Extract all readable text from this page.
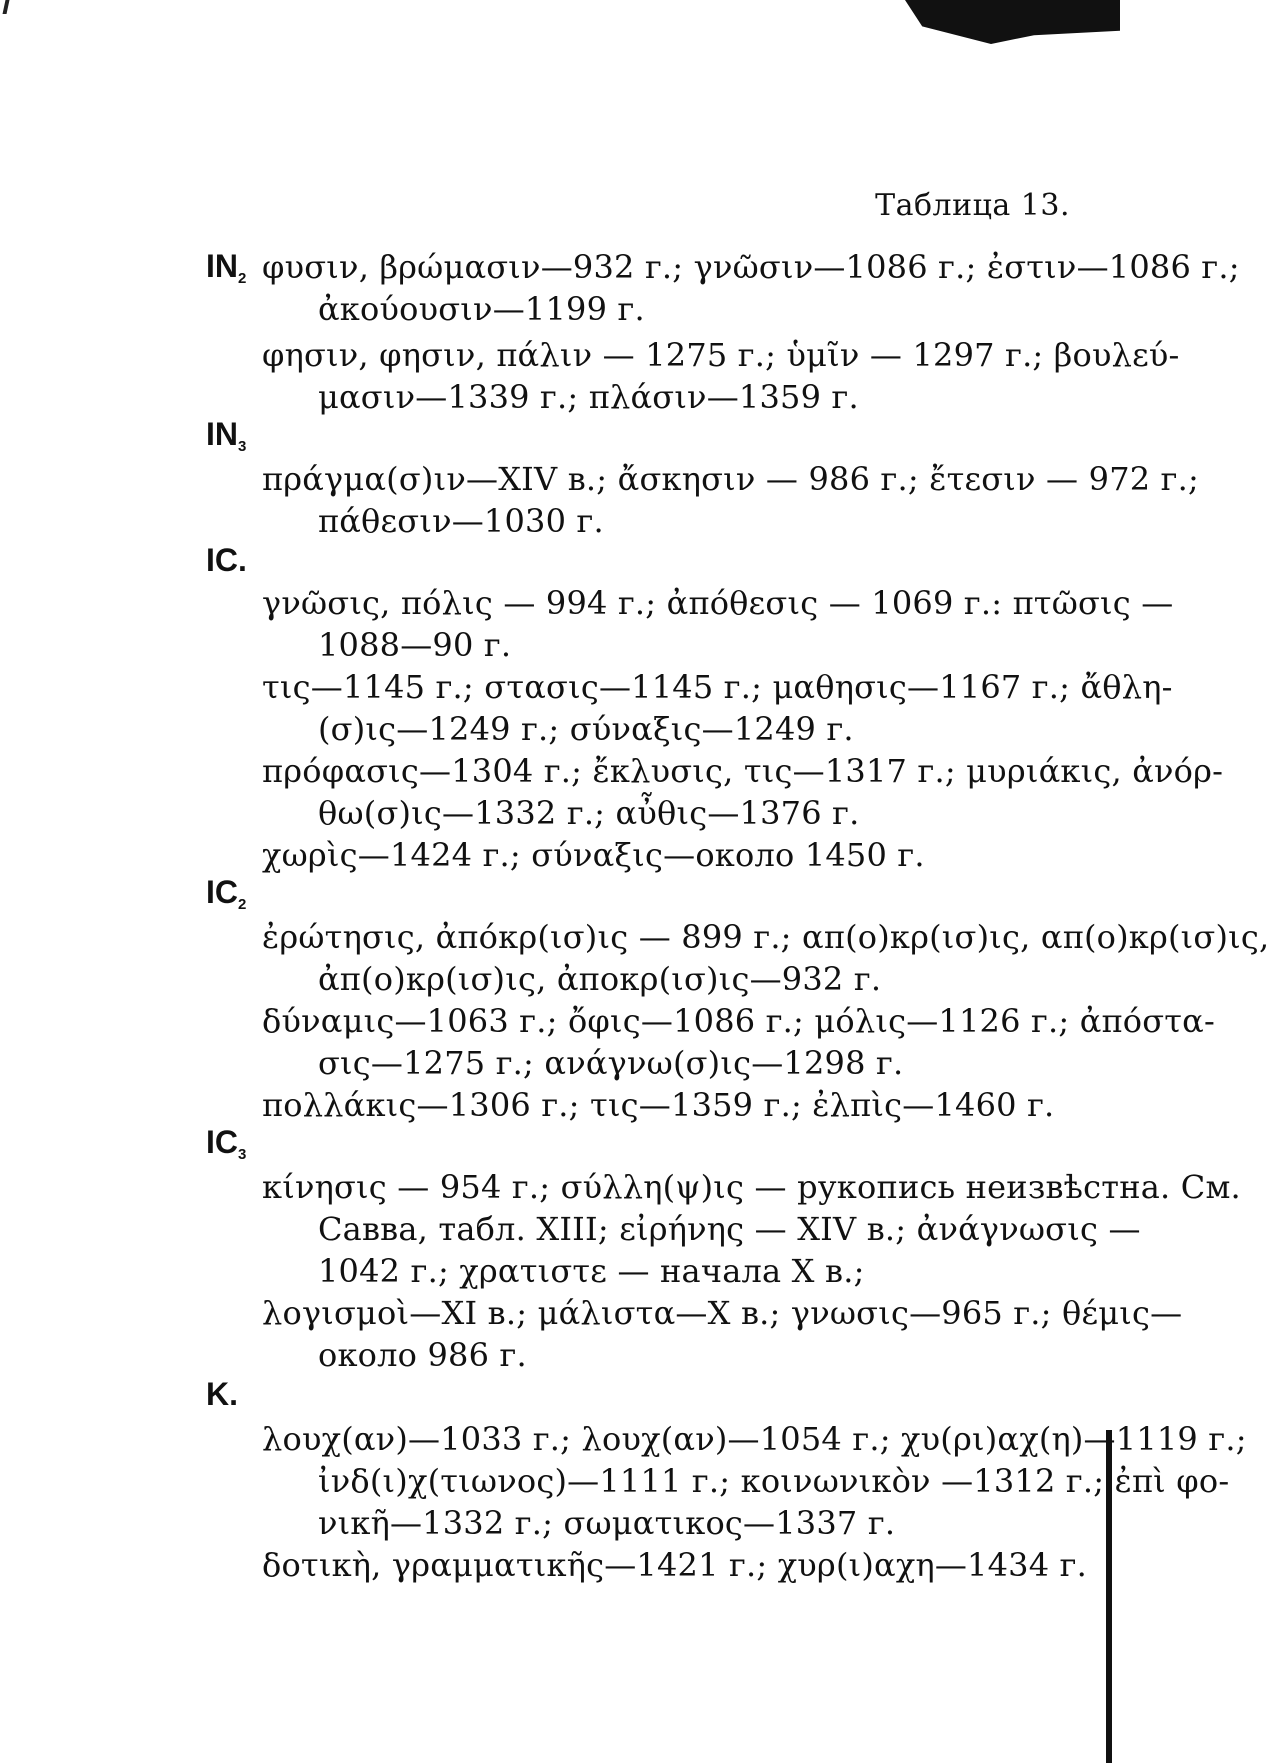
Таблица 13.
$IN_2$ φυσιν, βρώμασιν—932 г.; γνῶσιν—1086 г.; ἐστιν—1086 г.;
ἀκούουσιν—1199 г.
φησιν, φησιν, πάλιν — 1275 г.; ὑμῖν — 1297 г.; βουλεύ-
μασιν—1339 г.; πλάσιν—1359 г.
$IN_3$
πράγμα(σ)ιν—XIV в.; ἄσκησιν — 986 г.; ἔτεσιν — 972 г.;
πάθεσιν—1030 г.
IC.
γνῶσις, πόλις — 994 г.; ἀπόθεσις — 1069 г.: πτῶσις —
1088—90 г.
τις—1145 г.; στασις—1145 г.; μαθησις—1167 г.; ἄθλη-
(σ)ις—1249 г.; σύναξις—1249 г.
πρόφασις—1304 г.; ἔκλυσις, τις—1317 г.; μυριάκις, ἀνόρ-
θω(σ)ις—1332 г.; αὖθις—1376 г.
χωρὶς—1424 г.; σύναξις—около 1450 г.
$IC_2$
ἐρώτησις, ἀπόκρ(ισ)ις — 899 г.; απ(ο)κρ(ισ)ις, απ(ο)κρ(ισ)ις,
ἀπ(ο)κρ(ισ)ις, ἀποκρ(ισ)ις—932 г.
δύναμις—1063 г.; ὄφις—1086 г.; μόλις—1126 г.; ἀπόστα-
σις—1275 г.; ανάγνω(σ)ις—1298 г.
πολλάκις—1306 г.; τις—1359 г.; ἐλπὶς—1460 г.
$IC_3$
κίνησις — 954 г.; σύλλη(ψ)ις — рукопись неизвѣстна. См.
Савва, табл. XIII; εἰρήνης — XIV в.; ἀνάγνωσις —
1042 г.; χρατιστε — начала X в.;
λογισμοὶ—XI в.; μάλιστα—X в.; γνωσις—965 г.; θέμις—
около 986 г.
K.
λουχ(αν)—1033 г.; λουχ(αν)—1054 г.; χυ(ρι)αχ(η)—1119 г.;
ἰνδ(ι)χ(τιωνος)—1111 г.; κοινωνικὸν —1312 г.; ἐπὶ φο-
νικῆ—1332 г.; σωματικος—1337 г.
δοτικὴ, γραμματικῆς—1421 г.; χυρ(ι)αχη—1434 г.
